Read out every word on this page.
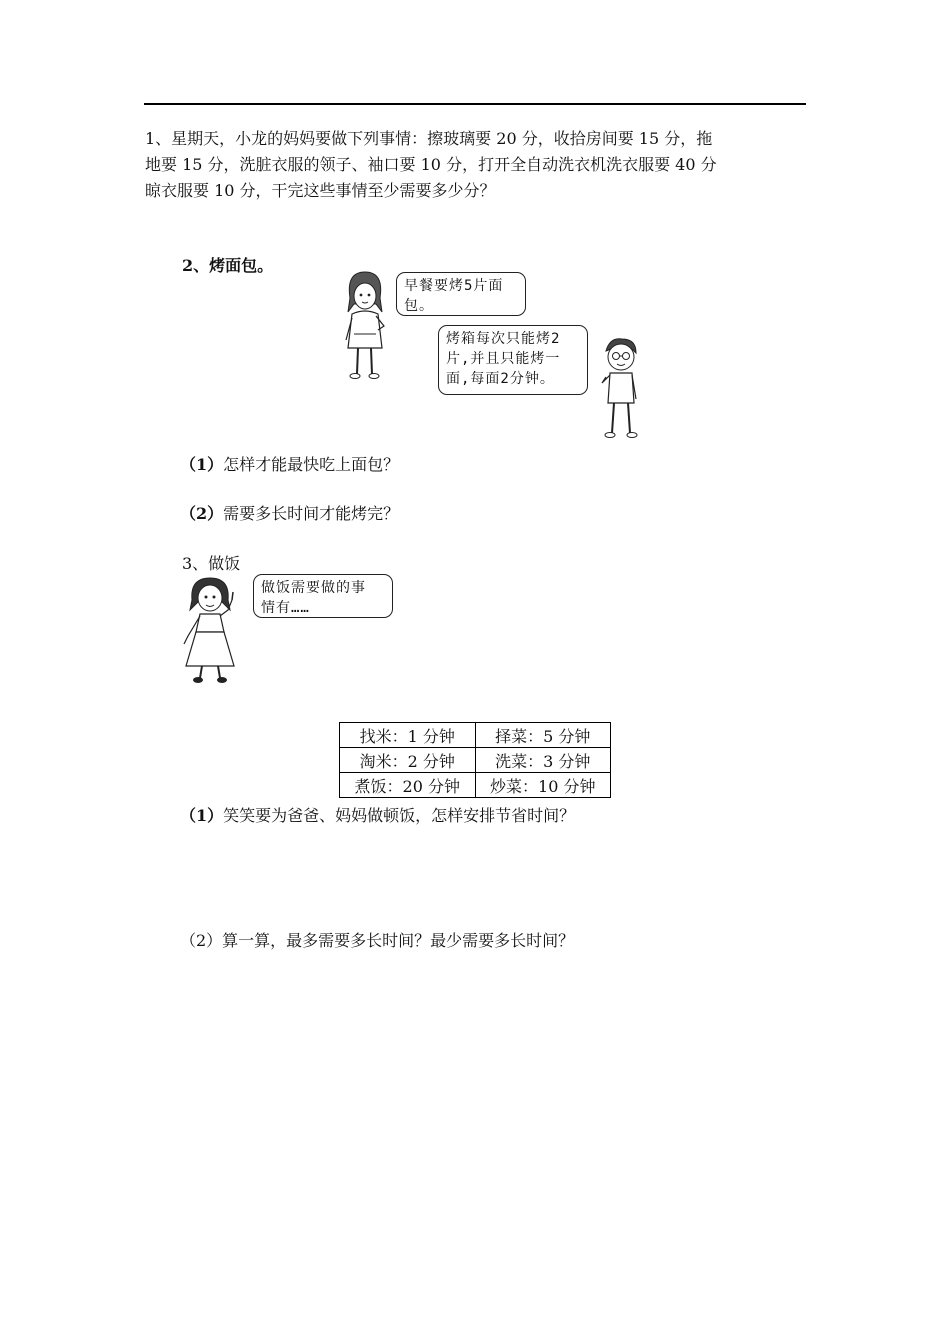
1、星期天，小龙的妈妈要做下列事情：擦玻璃要 20 分，收拾房间要 15 分，拖
地要 15 分，洗脏衣服的领子、袖口要 10 分，打开全自动洗衣机洗衣服要 40 分
晾衣服要 10 分，干完这些事情至少需要多少分？
2、烤面包。
早餐要烤5片面
包。
烤箱每次只能烤2
片,并且只能烤一
面,每面2分钟。
（1）怎样才能最快吃上面包？
（2）需要多长时间才能烤完？
3、做饭
做饭需要做的事
情有……
找米：1 分钟	择菜：5 分钟
淘米：2 分钟	洗菜：3 分钟
煮饭：20 分钟	炒菜：10 分钟
（1）笑笑要为爸爸、妈妈做顿饭，怎样安排节省时间？
（2）算一算，最多需要多长时间？最少需要多长时间？
